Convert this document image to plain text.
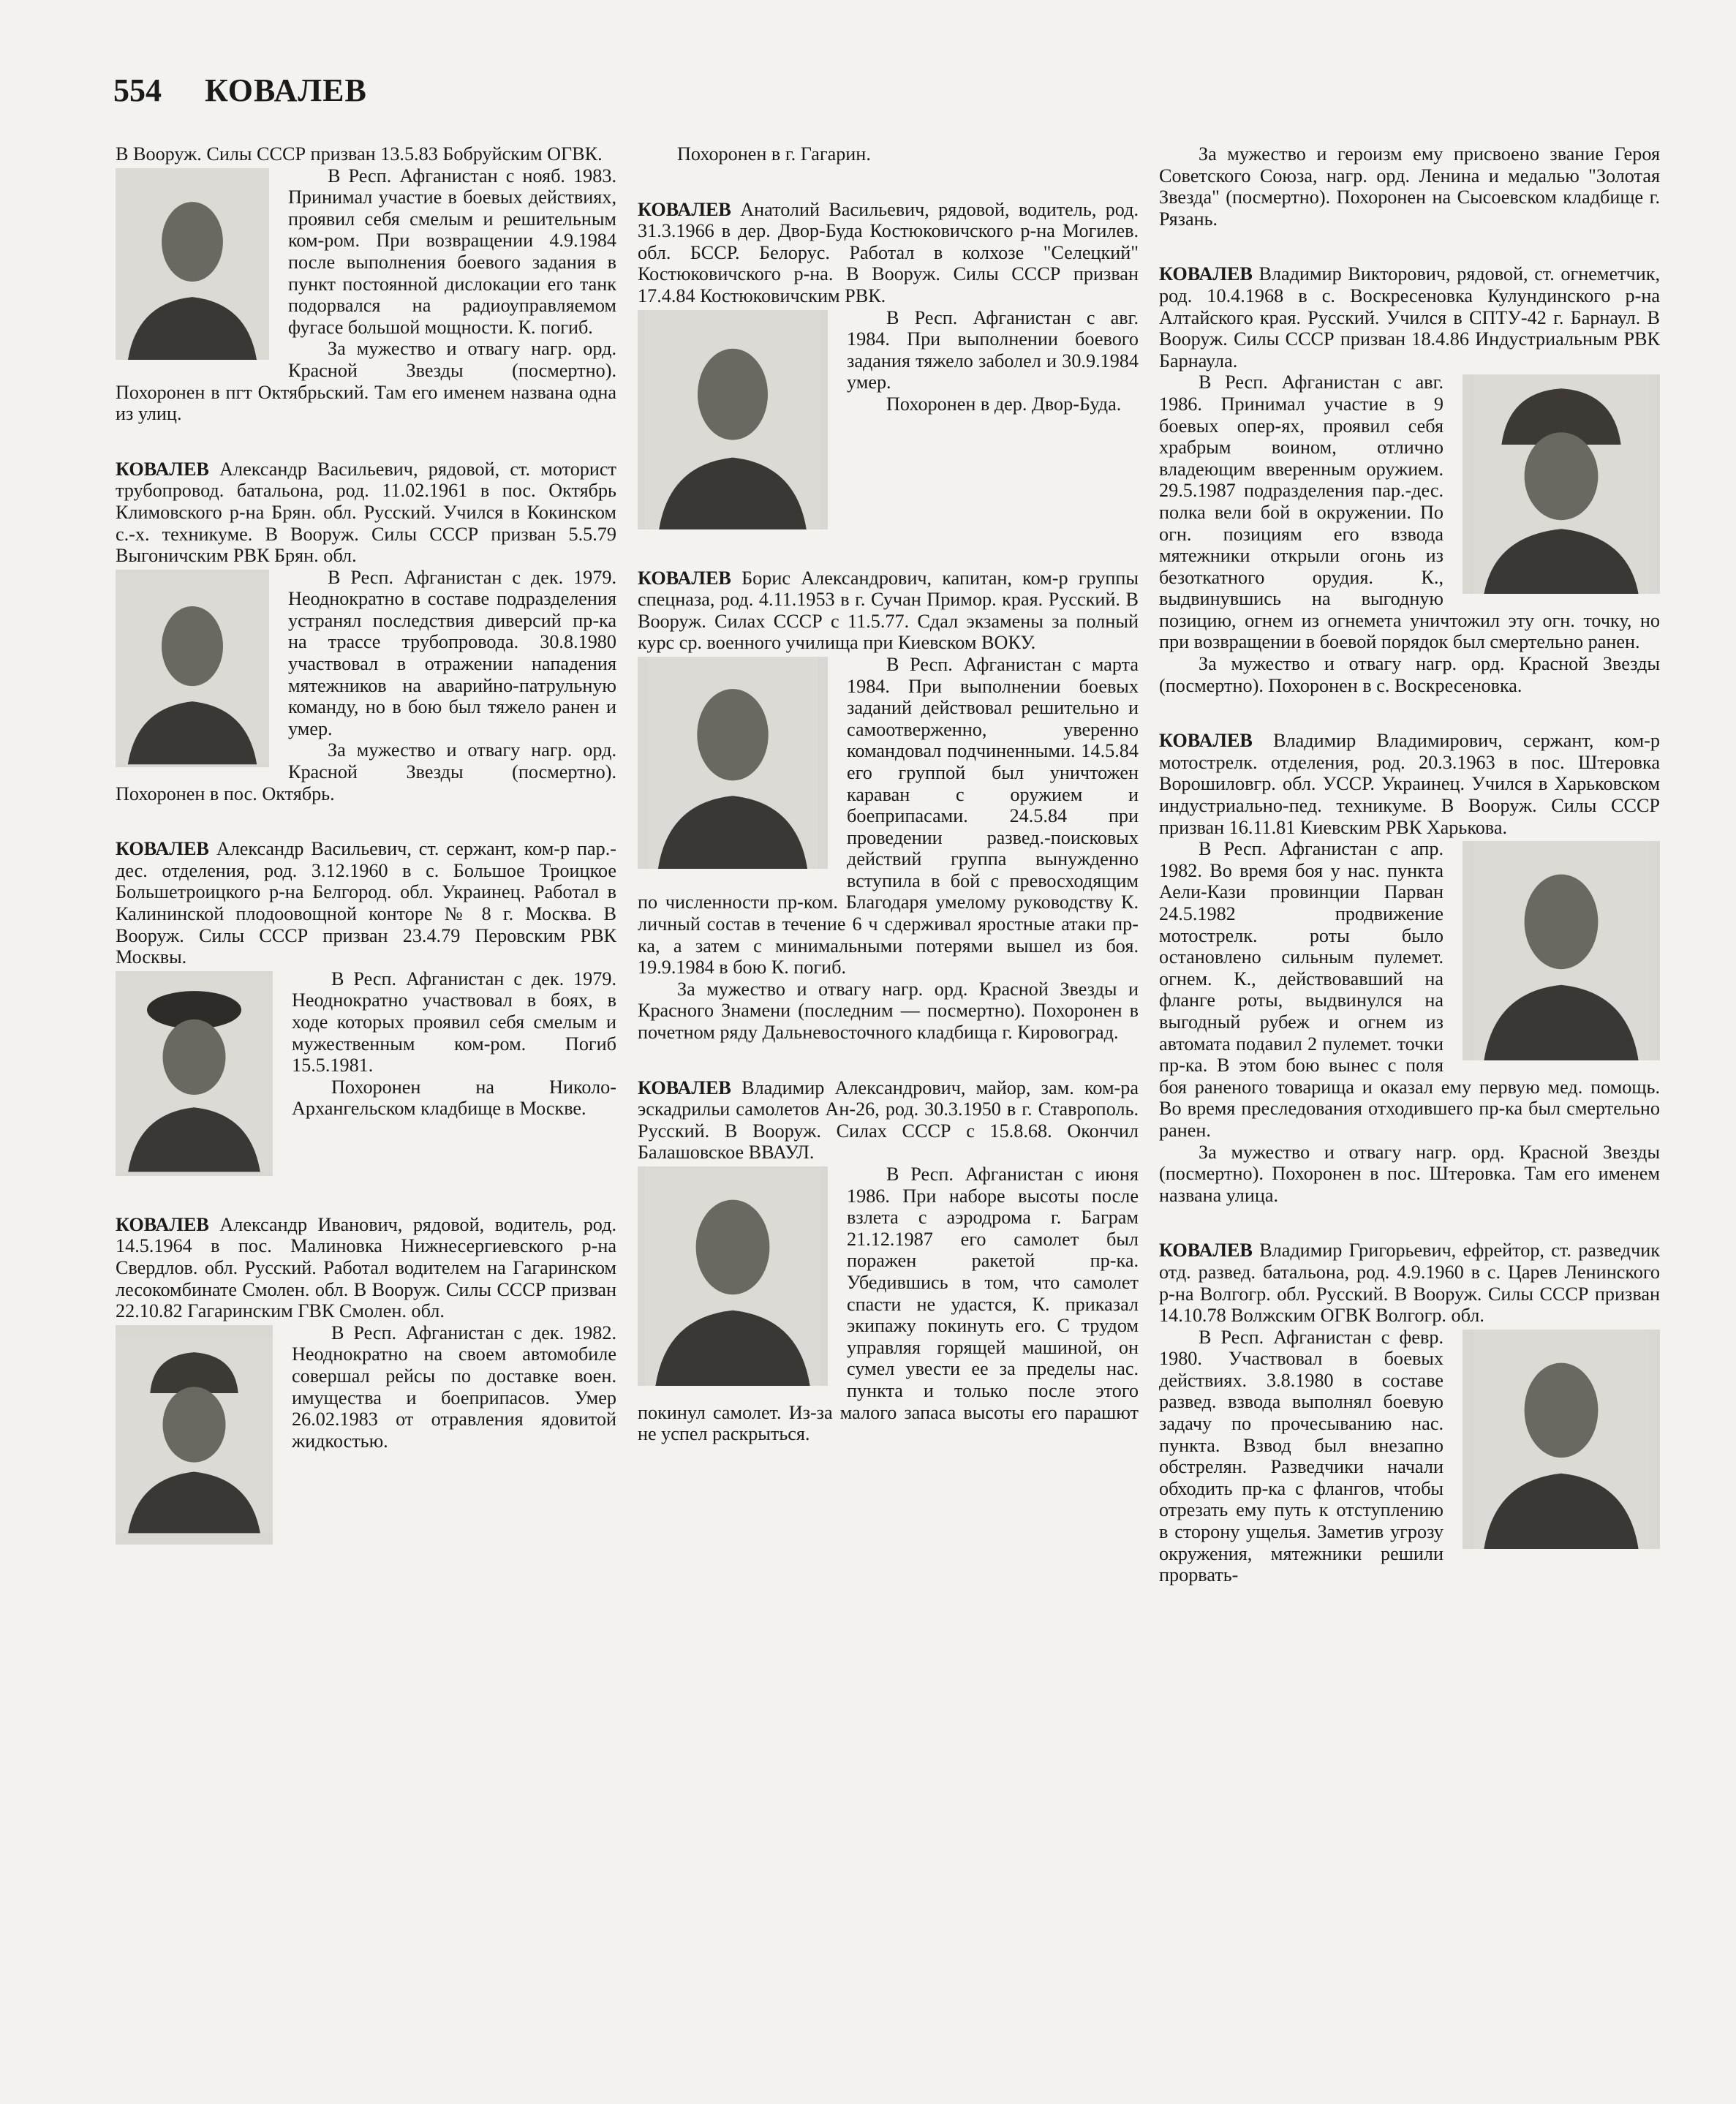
554 КОВАЛЕВ

В Вооруж. Силы СССР призван 13.5.83 Бобруйским ОГВК.

В Респ. Афганистан с нояб. 1983. Принимал участие в боевых действиях, проявил себя смелым и решительным ком-ром. При возвращении 4.9.1984 после выполнения боевого задания в пункт постоянной дислокации его танк подорвался на радиоуправляемом фугасе большой мощности. К. погиб.

За мужество и отвагу нагр. орд. Красной Звезды (посмертно). Похоронен в пгт Октябрьский. Там его именем названа одна из улиц.

КОВАЛЕВ Александр Васильевич, рядовой, ст. моторист трубопровод. батальона, род. 11.02.1961 в пос. Октябрь Климовского р-на Брян. обл. Русский. Учился в Кокинском с.-х. техникуме. В Вооруж. Силы СССР призван 5.5.79 Выгоничским РВК Брян. обл.

В Респ. Афганистан с дек. 1979. Неоднократно в составе подразделения устранял последствия диверсий пр-ка на трассе трубопровода. 30.8.1980 участвовал в отражении нападения мятежников на аварийно-патрульную команду, но в бою был тяжело ранен и умер.

За мужество и отвагу нагр. орд. Красной Звезды (посмертно). Похоронен в пос. Октябрь.

КОВАЛЕВ Александр Васильевич, ст. сержант, ком-р пар.-дес. отделения, род. 3.12.1960 в с. Большое Троицкое Большетроицкого р-на Белгород. обл. Украинец. Работал в Калининской плодоовощной конторе № 8 г. Москва. В Вооруж. Силы СССР призван 23.4.79 Перовским РВК Москвы.

В Респ. Афганистан с дек. 1979. Неоднократно участвовал в боях, в ходе которых проявил себя смелым и мужественным ком-ром. Погиб 15.5.1981.

Похоронен на Николо-Архангельском кладбище в Москве.

КОВАЛЕВ Александр Иванович, рядовой, водитель, род. 14.5.1964 в пос. Малиновка Нижнесергиевского р-на Свердлов. обл. Русский. Работал водителем на Гагаринском лесокомбинате Смолен. обл. В Вооруж. Силы СССР призван 22.10.82 Гагаринским ГВК Смолен. обл.

В Респ. Афганистан с дек. 1982. Неоднократно на своем автомобиле совершал рейсы по доставке воен. имущества и боеприпасов. Умер 26.02.1983 от отравления ядовитой жидкостью.

Похоронен в г. Гагарин.

КОВАЛЕВ Анатолий Васильевич, рядовой, водитель, род. 31.3.1966 в дер. Двор-Буда Костюковичского р-на Могилев. обл. БССР. Белорус. Работал в колхозе "Селецкий" Костюковичского р-на. В Вооруж. Силы СССР призван 17.4.84 Костюковичским РВК.

В Респ. Афганистан с авг. 1984. При выполнении боевого задания тяжело заболел и 30.9.1984 умер.

Похоронен в дер. Двор-Буда.

КОВАЛЕВ Борис Александрович, капитан, ком-р группы спецназа, род. 4.11.1953 в г. Сучан Примор. края. Русский. В Вооруж. Силах СССР с 11.5.77. Сдал экзамены за полный курс ср. военного училища при Киевском ВОКУ.

В Респ. Афганистан с марта 1984. При выполнении боевых заданий действовал решительно и самоотверженно, уверенно командовал подчиненными. 14.5.84 его группой был уничтожен караван с оружием и боеприпасами. 24.5.84 при проведении развед.-поисковых действий группа вынужденно вступила в бой с превосходящим по численности пр-ком. Благодаря умелому руководству К. личный состав в течение 6 ч сдерживал яростные атаки пр-ка, а затем с минимальными потерями вышел из боя. 19.9.1984 в бою К. погиб.

За мужество и отвагу нагр. орд. Красной Звезды и Красного Знамени (последним — посмертно). Похоронен в почетном ряду Дальневосточного кладбища г. Кировоград.

КОВАЛЕВ Владимир Александрович, майор, зам. ком-ра эскадрильи самолетов Ан-26, род. 30.3.1950 в г. Ставрополь. Русский. В Вооруж. Силах СССР с 15.8.68. Окончил Балашовское ВВАУЛ.

В Респ. Афганистан с июня 1986. При наборе высоты после взлета с аэродрома г. Баграм 21.12.1987 его самолет был поражен ракетой пр-ка. Убедившись в том, что самолет спасти не удастся, К. приказал экипажу покинуть его. С трудом управляя горящей машиной, он сумел увести ее за пределы нас. пункта и только после этого покинул самолет. Из-за малого запаса высоты его парашют не успел раскрыться.

За мужество и героизм ему присвоено звание Героя Советского Союза, нагр. орд. Ленина и медалью "Золотая Звезда" (посмертно). Похоронен на Сысоевском кладбище г. Рязань.

КОВАЛЕВ Владимир Викторович, рядовой, ст. огнеметчик, род. 10.4.1968 в с. Воскресеновка Кулундинского р-на Алтайского края. Русский. Учился в СПТУ-42 г. Барнаул. В Вооруж. Силы СССР призван 18.4.86 Индустриальным РВК Барнаула.

В Респ. Афганистан с авг. 1986. Принимал участие в 9 боевых опер-ях, проявил себя храбрым воином, отлично владеющим вверенным оружием. 29.5.1987 подразделения пар.-дес. полка вели бой в окружении. По огн. позициям его взвода мятежники открыли огонь из безоткатного орудия. К., выдвинувшись на выгодную позицию, огнем из огнемета уничтожил эту огн. точку, но при возвращении в боевой порядок был смертельно ранен.

За мужество и отвагу нагр. орд. Красной Звезды (посмертно). Похоронен в с. Воскресеновка.

КОВАЛЕВ Владимир Владимирович, сержант, ком-р мотострелк. отделения, род. 20.3.1963 в пос. Штеровка Ворошиловгр. обл. УССР. Украинец. Учился в Харьковском индустриально-пед. техникуме. В Вооруж. Силы СССР призван 16.11.81 Киевским РВК Харькова.

В Респ. Афганистан с апр. 1982. Во время боя у нас. пункта Аели-Кази провинции Парван 24.5.1982 продвижение мотострелк. роты было остановлено сильным пулемет. огнем. К., действовавший на фланге роты, выдвинулся на выгодный рубеж и огнем из автомата подавил 2 пулемет. точки пр-ка. В этом бою вынес с поля боя раненого товарища и оказал ему первую мед. помощь. Во время преследования отходившего пр-ка был смертельно ранен.

За мужество и отвагу нагр. орд. Красной Звезды (посмертно). Похоронен в пос. Штеровка. Там его именем названа улица.

КОВАЛЕВ Владимир Григорьевич, ефрейтор, ст. разведчик отд. развед. батальона, род. 4.9.1960 в с. Царев Ленинского р-на Волгогр. обл. Русский. В Вооруж. Силы СССР призван 14.10.78 Волжским ОГВК Волгогр. обл.

В Респ. Афганистан с февр. 1980. Участвовал в боевых действиях. 3.8.1980 в составе развед. взвода выполнял боевую задачу по прочесыванию нас. пункта. Взвод был внезапно обстрелян. Разведчики начали обходить пр-ка с флангов, чтобы отрезать ему путь к отступлению в сторону ущелья. Заметив угрозу окружения, мятежники решили прорвать-
